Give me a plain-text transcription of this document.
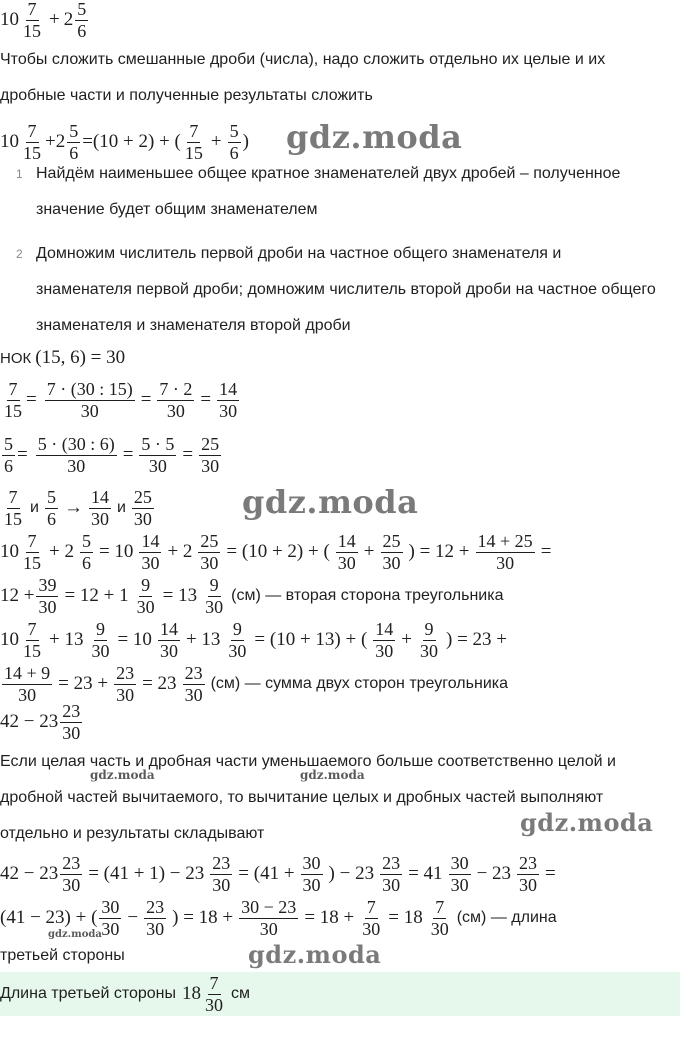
10
7
15
+ 2
5
6
Чтобы сложить смешанные дроби (числа), надо сложить отдельно их целые и их дробные части и полученные результаты сложить
10
7
15
$+2 \frac{5}{6} =(10 + 2)$ + (
7
15
+ $\frac{5}{6}$ )
1 Найдём наименьшее общее кратное знаменателей двух дробей – полученное значение будет общим знаменателем
2 Домножим числитель первой дроби на частное общего знаменателя и знаменателя первой дроби; домножим числитель второй дроби на частное общего знаменателя и знаменателя второй дроби
НОК (15, 6) = 30
$\frac{7}{15} = \frac{7 \cdot (30 : 15)}{30} = \frac{7 \cdot 2}{30} = \frac{14}{30}$
$\frac{5}{6} = \frac{5 \cdot (30 : 6)}{30} = \frac{5 \cdot 5}{30} = \frac{25}{30}$
7
15
и
5
6
→
14
30
и
25
30
10
7
15
+ $2 \frac{5}{6} = 10$
14
30
+ $2 \frac{25}{30} = (10 + 2)$ + (
14
30
+ $\frac{25}{30}$ ) = $12 + \frac{14 + 25}{30}$ =
$12 + \frac{39}{30} = 12 + 1 \frac{9}{30} = 13$
9
30
(см) — вторая сторона треугольника
10
7
15
+ $13 \frac{9}{30} = 10$
14
30
+ $13 \frac{9}{30} = (10 + 13)$ + (
14
30
+ $\frac{9}{30}$ ) = 23 +
$\frac{14 + 9}{30} = 23 + \frac{23}{30} = 23$
23
30
(см) — сумма двух сторон треугольника
42 − 23
23
30
Если целая часть и дробная части уменьшаемого больше соответственно целой и дробной частей вычитаемого, то вычитание целых и дробных частей выполняют отдельно и результаты складывают
$42 - 23 \frac{23}{30} = (41 + 1) - 23 \frac{23}{30} = (41 + \frac{30}{30}$ ) − $23 \frac{23}{30} = 41$
30
30
− $23 \frac{23}{30}$ =
(41 − 23) + (
30
30
− $\frac{23}{30}$ ) = $18 + \frac{30 - 23}{30} = 18 + \frac{7}{30} = 18$
7
30
(см) — длина
третьей стороны
Длина третьей стороны 18
7
30
см
gdz.moda
gdz.moda
gdz.moda
gdz.moda
gdz.moda	gdz.moda
gdz.moda
